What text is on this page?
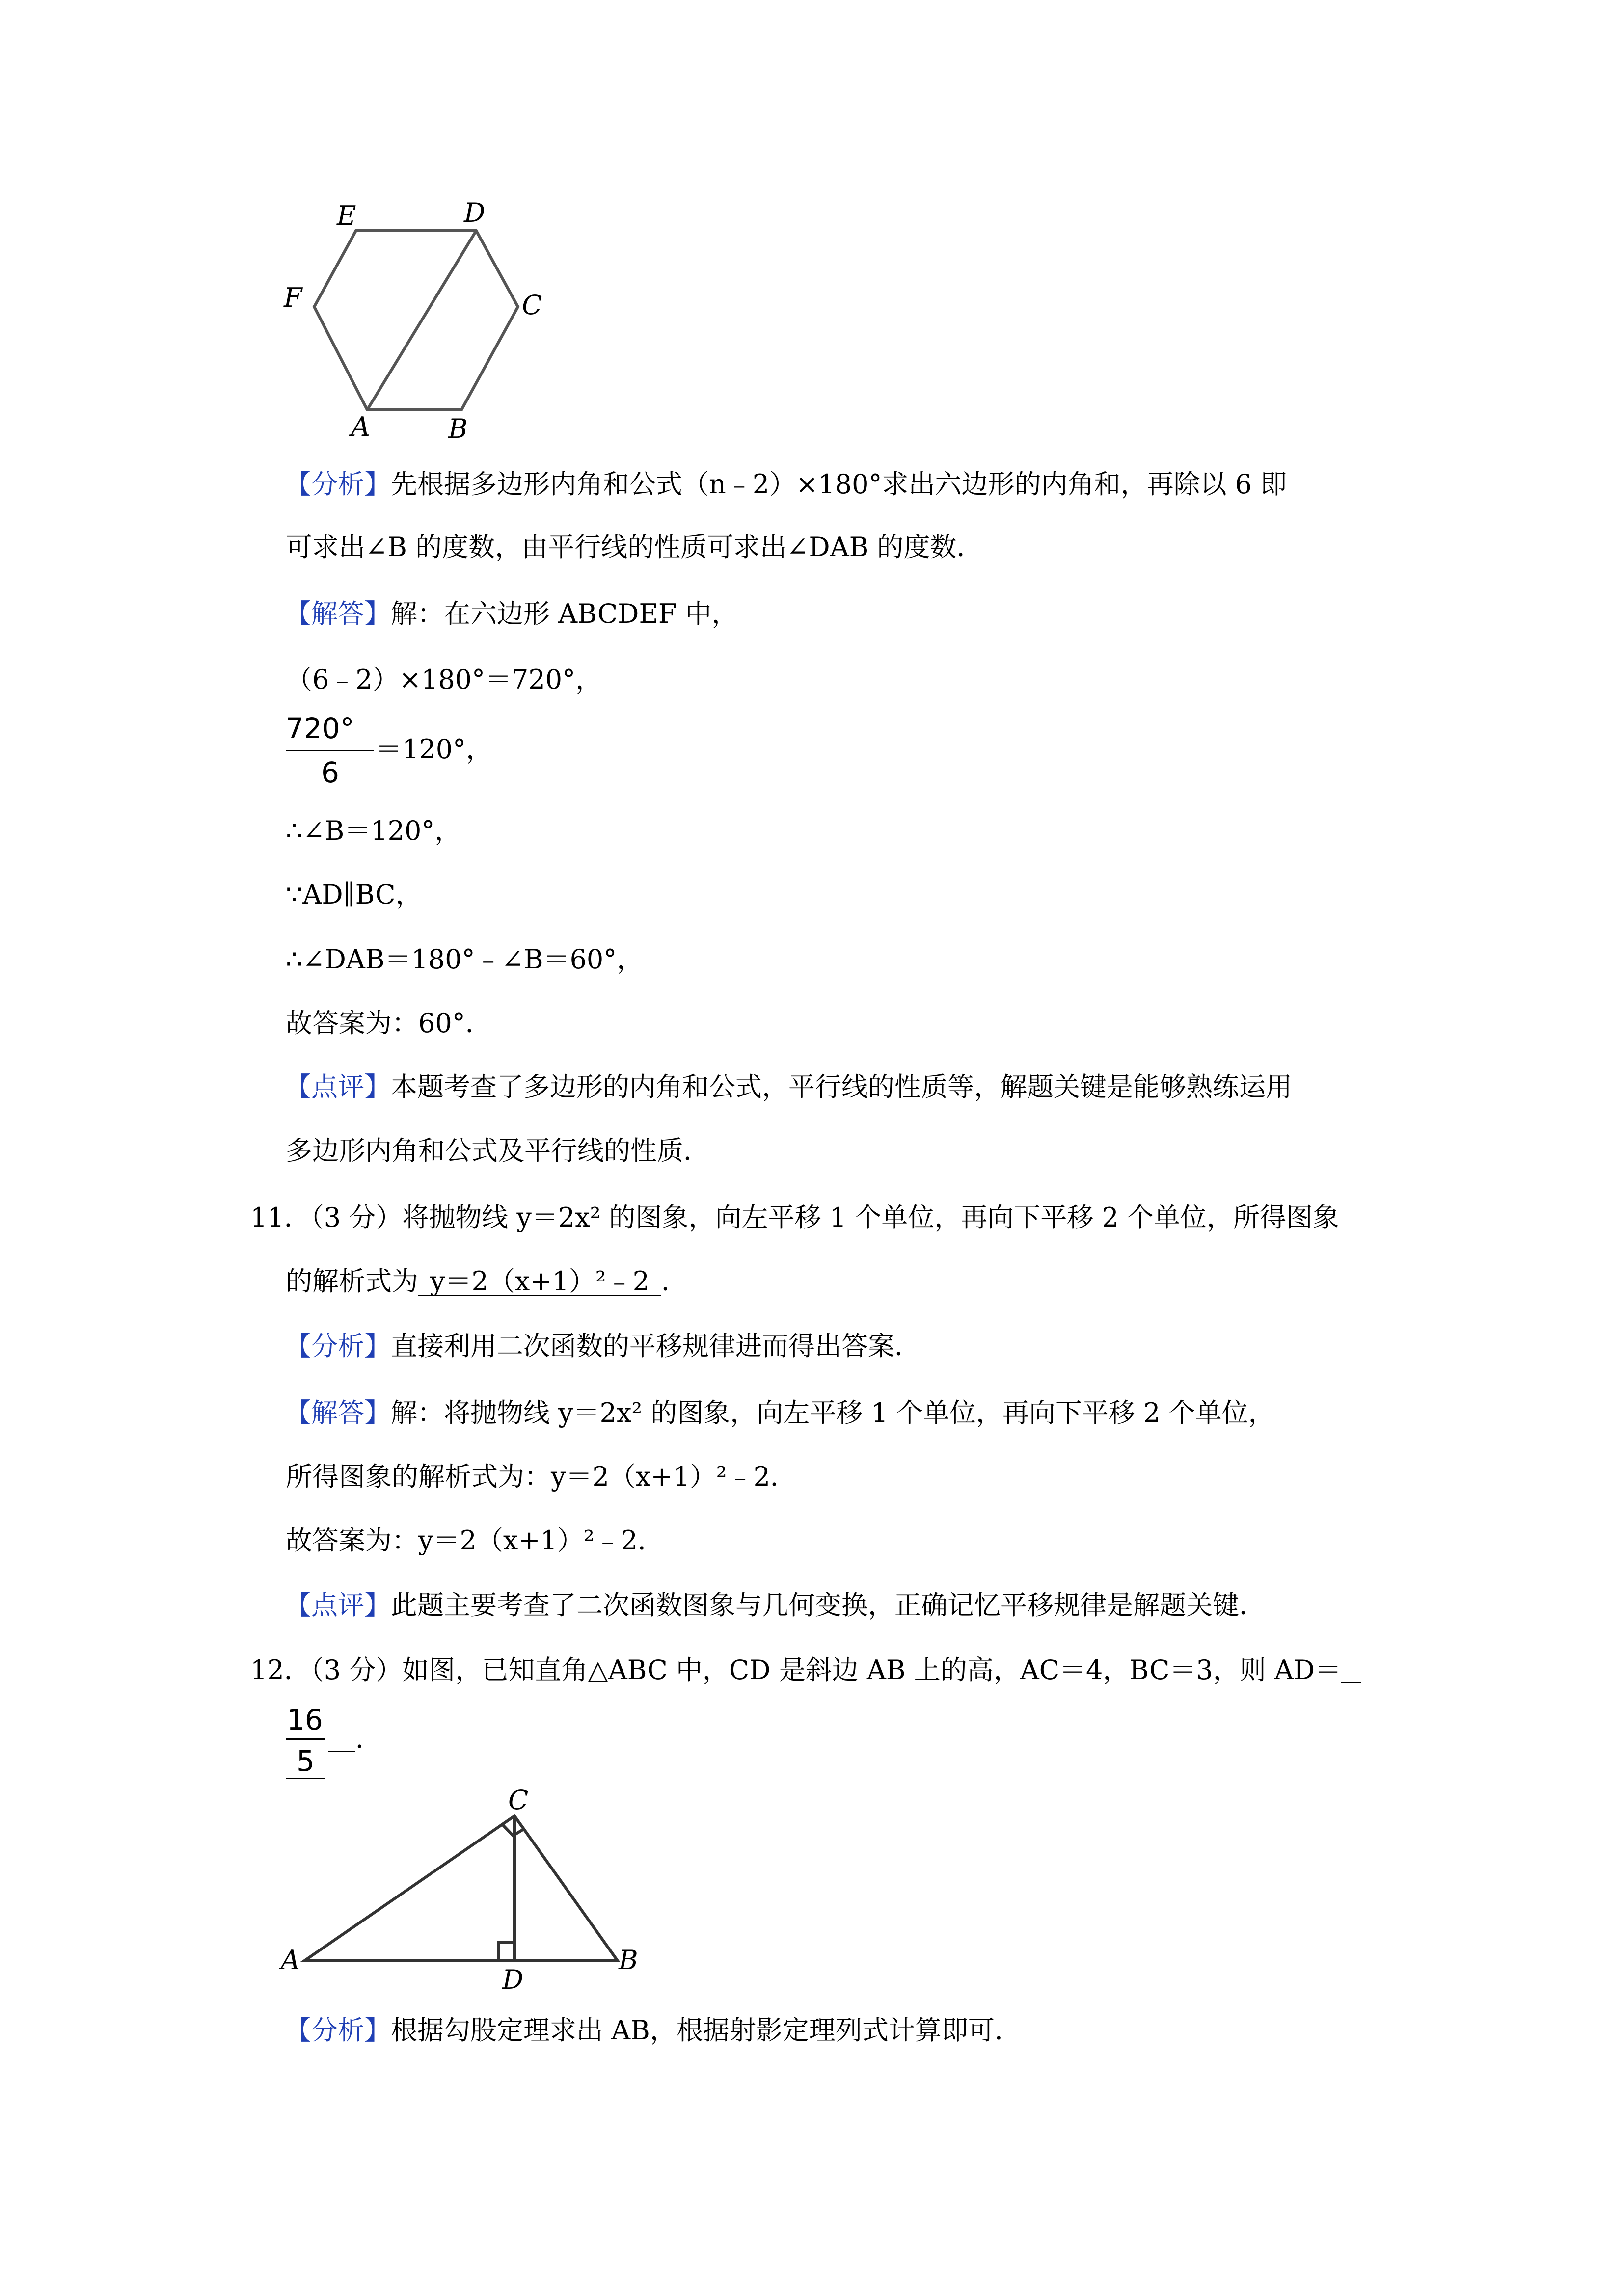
E	D
C
F
A	B
【分析】先根据多边形内角和公式（n﹣2）×180°求出六边形的内角和，再除以 6 即
可求出∠B 的度数，由平行线的性质可求出∠DAB 的度数．
【解答】解：在六边形 ABCDEF 中，
（6﹣2）×180°＝720°，
720°
6
＝120°，
∴∠B＝120°，
∵AD∥BC，
∴∠DAB＝180°﹣∠B＝60°，
故答案为：60°．
【点评】本题考查了多边形的内角和公式，平行线的性质等，解题关键是能够熟练运用
多边形内角和公式及平行线的性质．
11．（3 分）将抛物线 y＝2x² 的图象，向左平移 1 个单位，再向下平移 2 个单位，所得图象
的解析式为 y＝2（x+1）²﹣2 ．
【分析】直接利用二次函数的平移规律进而得出答案．
【解答】解：将抛物线 y＝2x² 的图象，向左平移 1 个单位，再向下平移 2 个单位，
所得图象的解析式为：y＝2（x+1）²﹣2．
故答案为：y＝2（x+1）²﹣2．
【点评】此题主要考查了二次函数图象与几何变换，正确记忆平移规律是解题关键．
12．（3 分）如图，已知直角△ABC 中，CD 是斜边 AB 上的高，AC＝4，BC＝3，则 AD＝
16
5
．
C
A
D
B
【分析】根据勾股定理求出 AB，根据射影定理列式计算即可．
